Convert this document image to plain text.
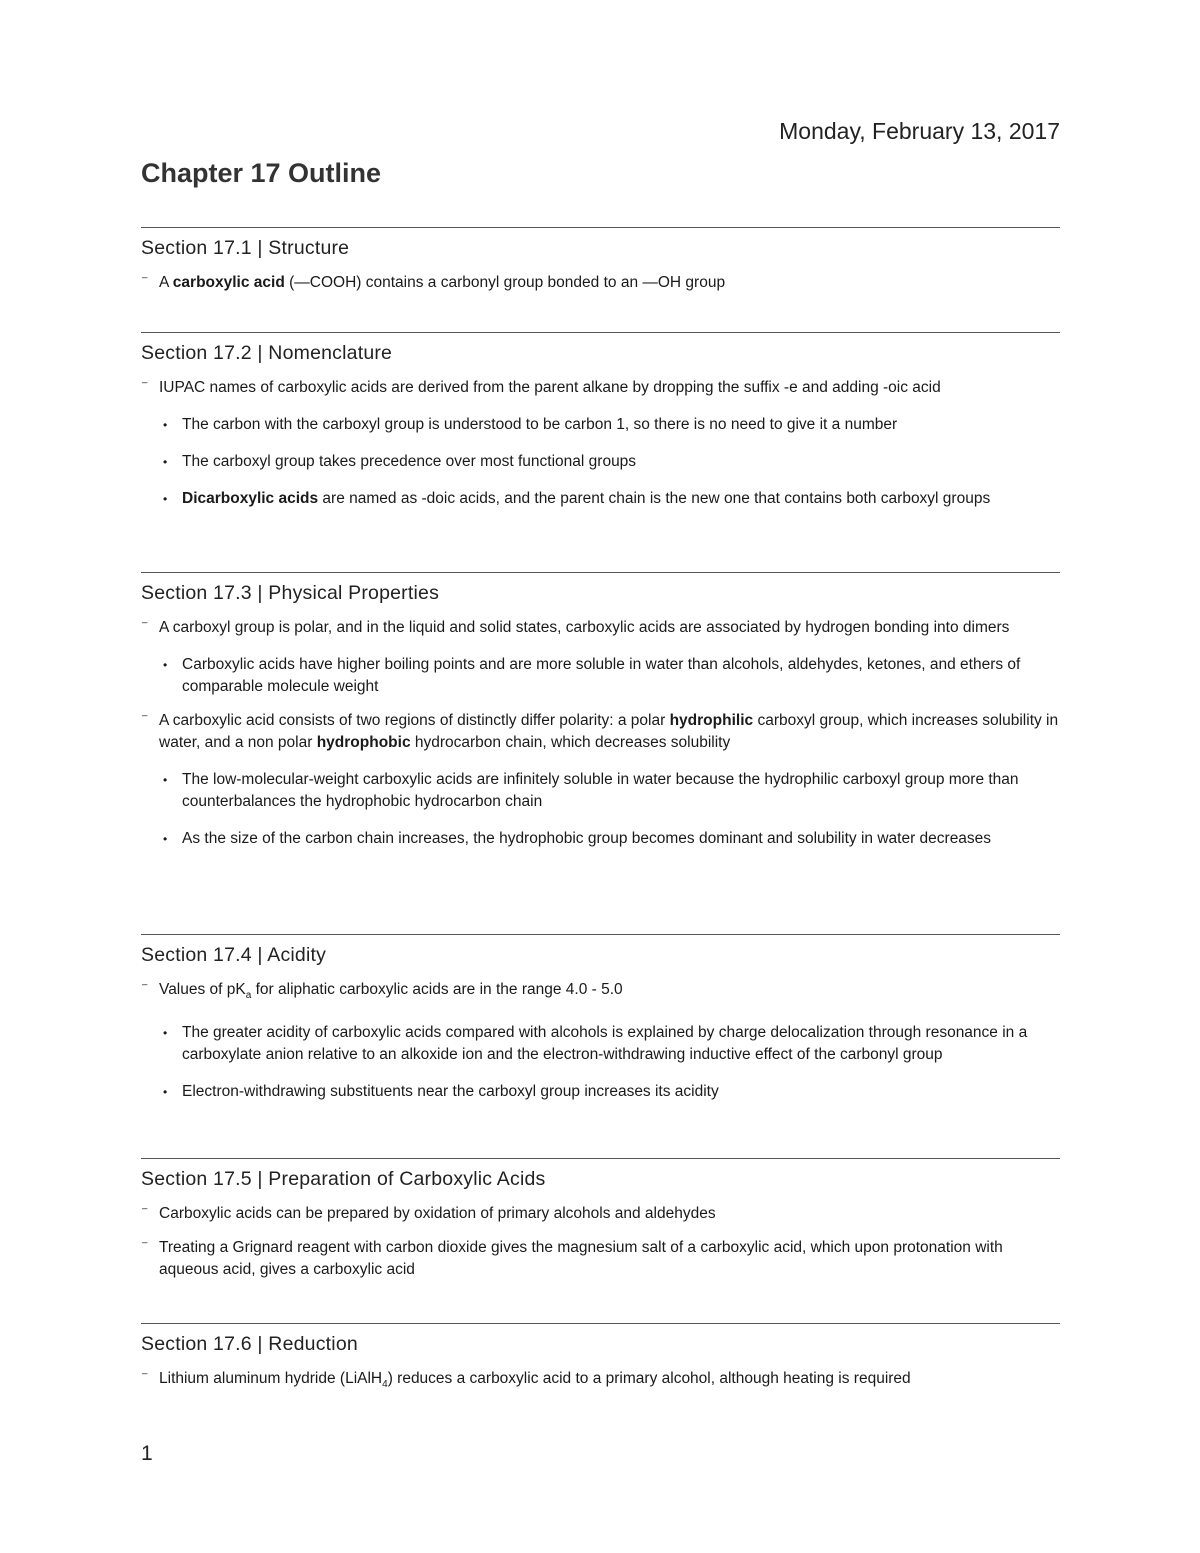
Monday, February 13, 2017
Chapter 17 Outline
Section 17.1 | Structure
⁻ A carboxylic acid (—COOH) contains a carbonyl group bonded to an —OH group
Section 17.2 | Nomenclature
⁻ IUPAC names of carboxylic acids are derived from the parent alkane by dropping the suffix -e and adding -oic acid
• The carbon with the carboxyl group is understood to be carbon 1, so there is no need to give it a number
• The carboxyl group takes precedence over most functional groups
• Dicarboxylic acids are named as -doic acids, and the parent chain is the new one that contains both carboxyl groups
Section 17.3 | Physical Properties
⁻ A carboxyl group is polar, and in the liquid and solid states, carboxylic acids are associated by hydrogen bonding into dimers
• Carboxylic acids have higher boiling points and are more soluble in water than alcohols, aldehydes, ketones, and ethers of comparable molecule weight
⁻ A carboxylic acid consists of two regions of distinctly differ polarity: a polar hydrophilic carboxyl group, which increases solubility in water, and a non polar hydrophobic hydrocarbon chain, which decreases solubility
• The low-molecular-weight carboxylic acids are infinitely soluble in water because the hydrophilic carboxyl group more than counterbalances the hydrophobic hydrocarbon chain
• As the size of the carbon chain increases, the hydrophobic group becomes dominant and solubility in water decreases
Section 17.4 | Acidity
⁻ Values of $pK_a$ for aliphatic carboxylic acids are in the range 4.0 - 5.0
• The greater acidity of carboxylic acids compared with alcohols is explained by charge delocalization through resonance in a carboxylate anion relative to an alkoxide ion and the electron-withdrawing inductive effect of the carbonyl group
• Electron-withdrawing substituents near the carboxyl group increases its acidity
Section 17.5 | Preparation of Carboxylic Acids
⁻ Carboxylic acids can be prepared by oxidation of primary alcohols and aldehydes
⁻ Treating a Grignard reagent with carbon dioxide gives the magnesium salt of a carboxylic acid, which upon protonation with aqueous acid, gives a carboxylic acid
Section 17.6 | Reduction
⁻ Lithium aluminum hydride (LiAlH$_4$) reduces a carboxylic acid to a primary alcohol, although heating is required
1
